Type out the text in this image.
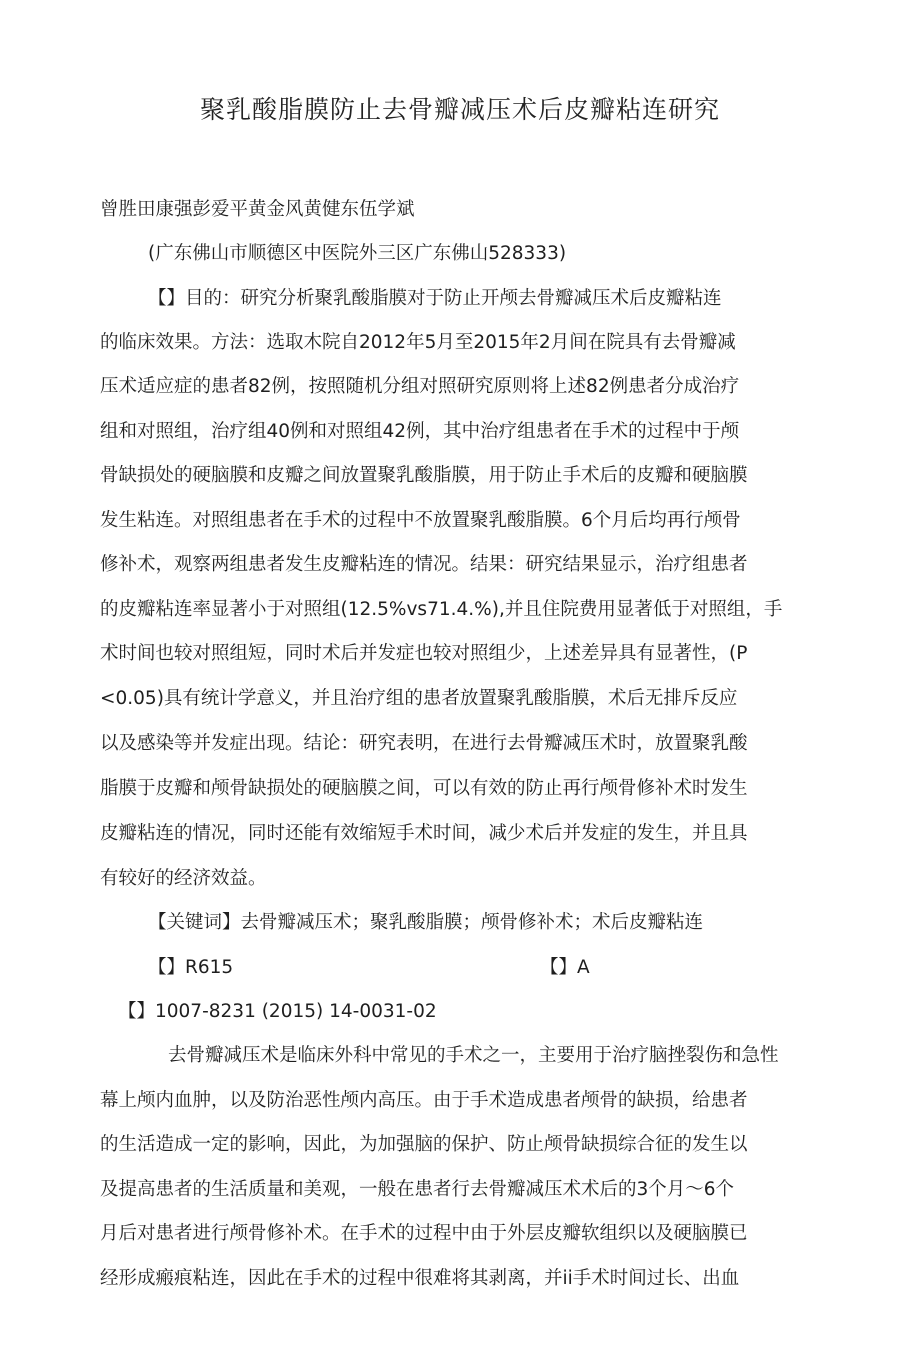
聚乳酸脂膜防止去骨瓣减压术后皮瓣粘连研究
曾胜田康强彭爱平黄金风黄健东伍学斌
(广东佛山市顺德区中医院外三区广东佛山528333)
【】目的：研究分析聚乳酸脂膜对于防止开颅去骨瓣减压术后皮瓣粘连
的临床效果。方法：选取木院自2012年5月至2015年2月间在院具有去骨瓣减
压术适应症的患者82例，按照随机分组对照研究原则将上述82例患者分成治疗
组和对照组，治疗组40例和对照组42例，其中治疗组患者在手术的过程中于颅
骨缺损处的硬脑膜和皮瓣之间放置聚乳酸脂膜，用于防止手术后的皮瓣和硬脑膜
发生粘连。对照组患者在手术的过程中不放置聚乳酸脂膜。6个月后均再行颅骨
修补术，观察两组患者发生皮瓣粘连的情况。结果：研究结果显示，治疗组患者
的皮瓣粘连率显著小于对照组(12.5%vs71.4.%),并且住院费用显著低于对照组，手
术时间也较对照组短，同时术后并发症也较对照组少，上述差异具有显著性，(P
<0.05)具有统计学意义，并且治疗组的患者放置聚乳酸脂膜，术后无排斥反应
以及感染等并发症出现。结论：研究表明，在进行去骨瓣减压术时，放置聚乳酸
脂膜于皮瓣和颅骨缺损处的硬脑膜之间，可以有效的防止再行颅骨修补术时发生
皮瓣粘连的情况，同时还能有效缩短手术时间，减少术后并发症的发生，并且具
有较好的经济效益。
【关键词】去骨瓣减压术；聚乳酸脂膜；颅骨修补术；术后皮瓣粘连
【】R615	【】A
【】1007-8231 (2015) 14-0031-02
去骨瓣减压术是临床外科中常见的手术之一，主要用于治疗脑挫裂伤和急性
幕上颅内血肿，以及防治恶性颅内高压。由于手术造成患者颅骨的缺损，给患者
的生活造成一定的影响，因此，为加强脑的保护、防止颅骨缺损综合征的发生以
及提高患者的生活质量和美观，一般在患者行去骨瓣减压术术后的3个月～6个
月后对患者进行颅骨修补术。在手术的过程中由于外层皮瓣软组织以及硬脑膜已
经形成瘢痕粘连，因此在手术的过程中很难将其剥离，并ii手术时间过长、出血
